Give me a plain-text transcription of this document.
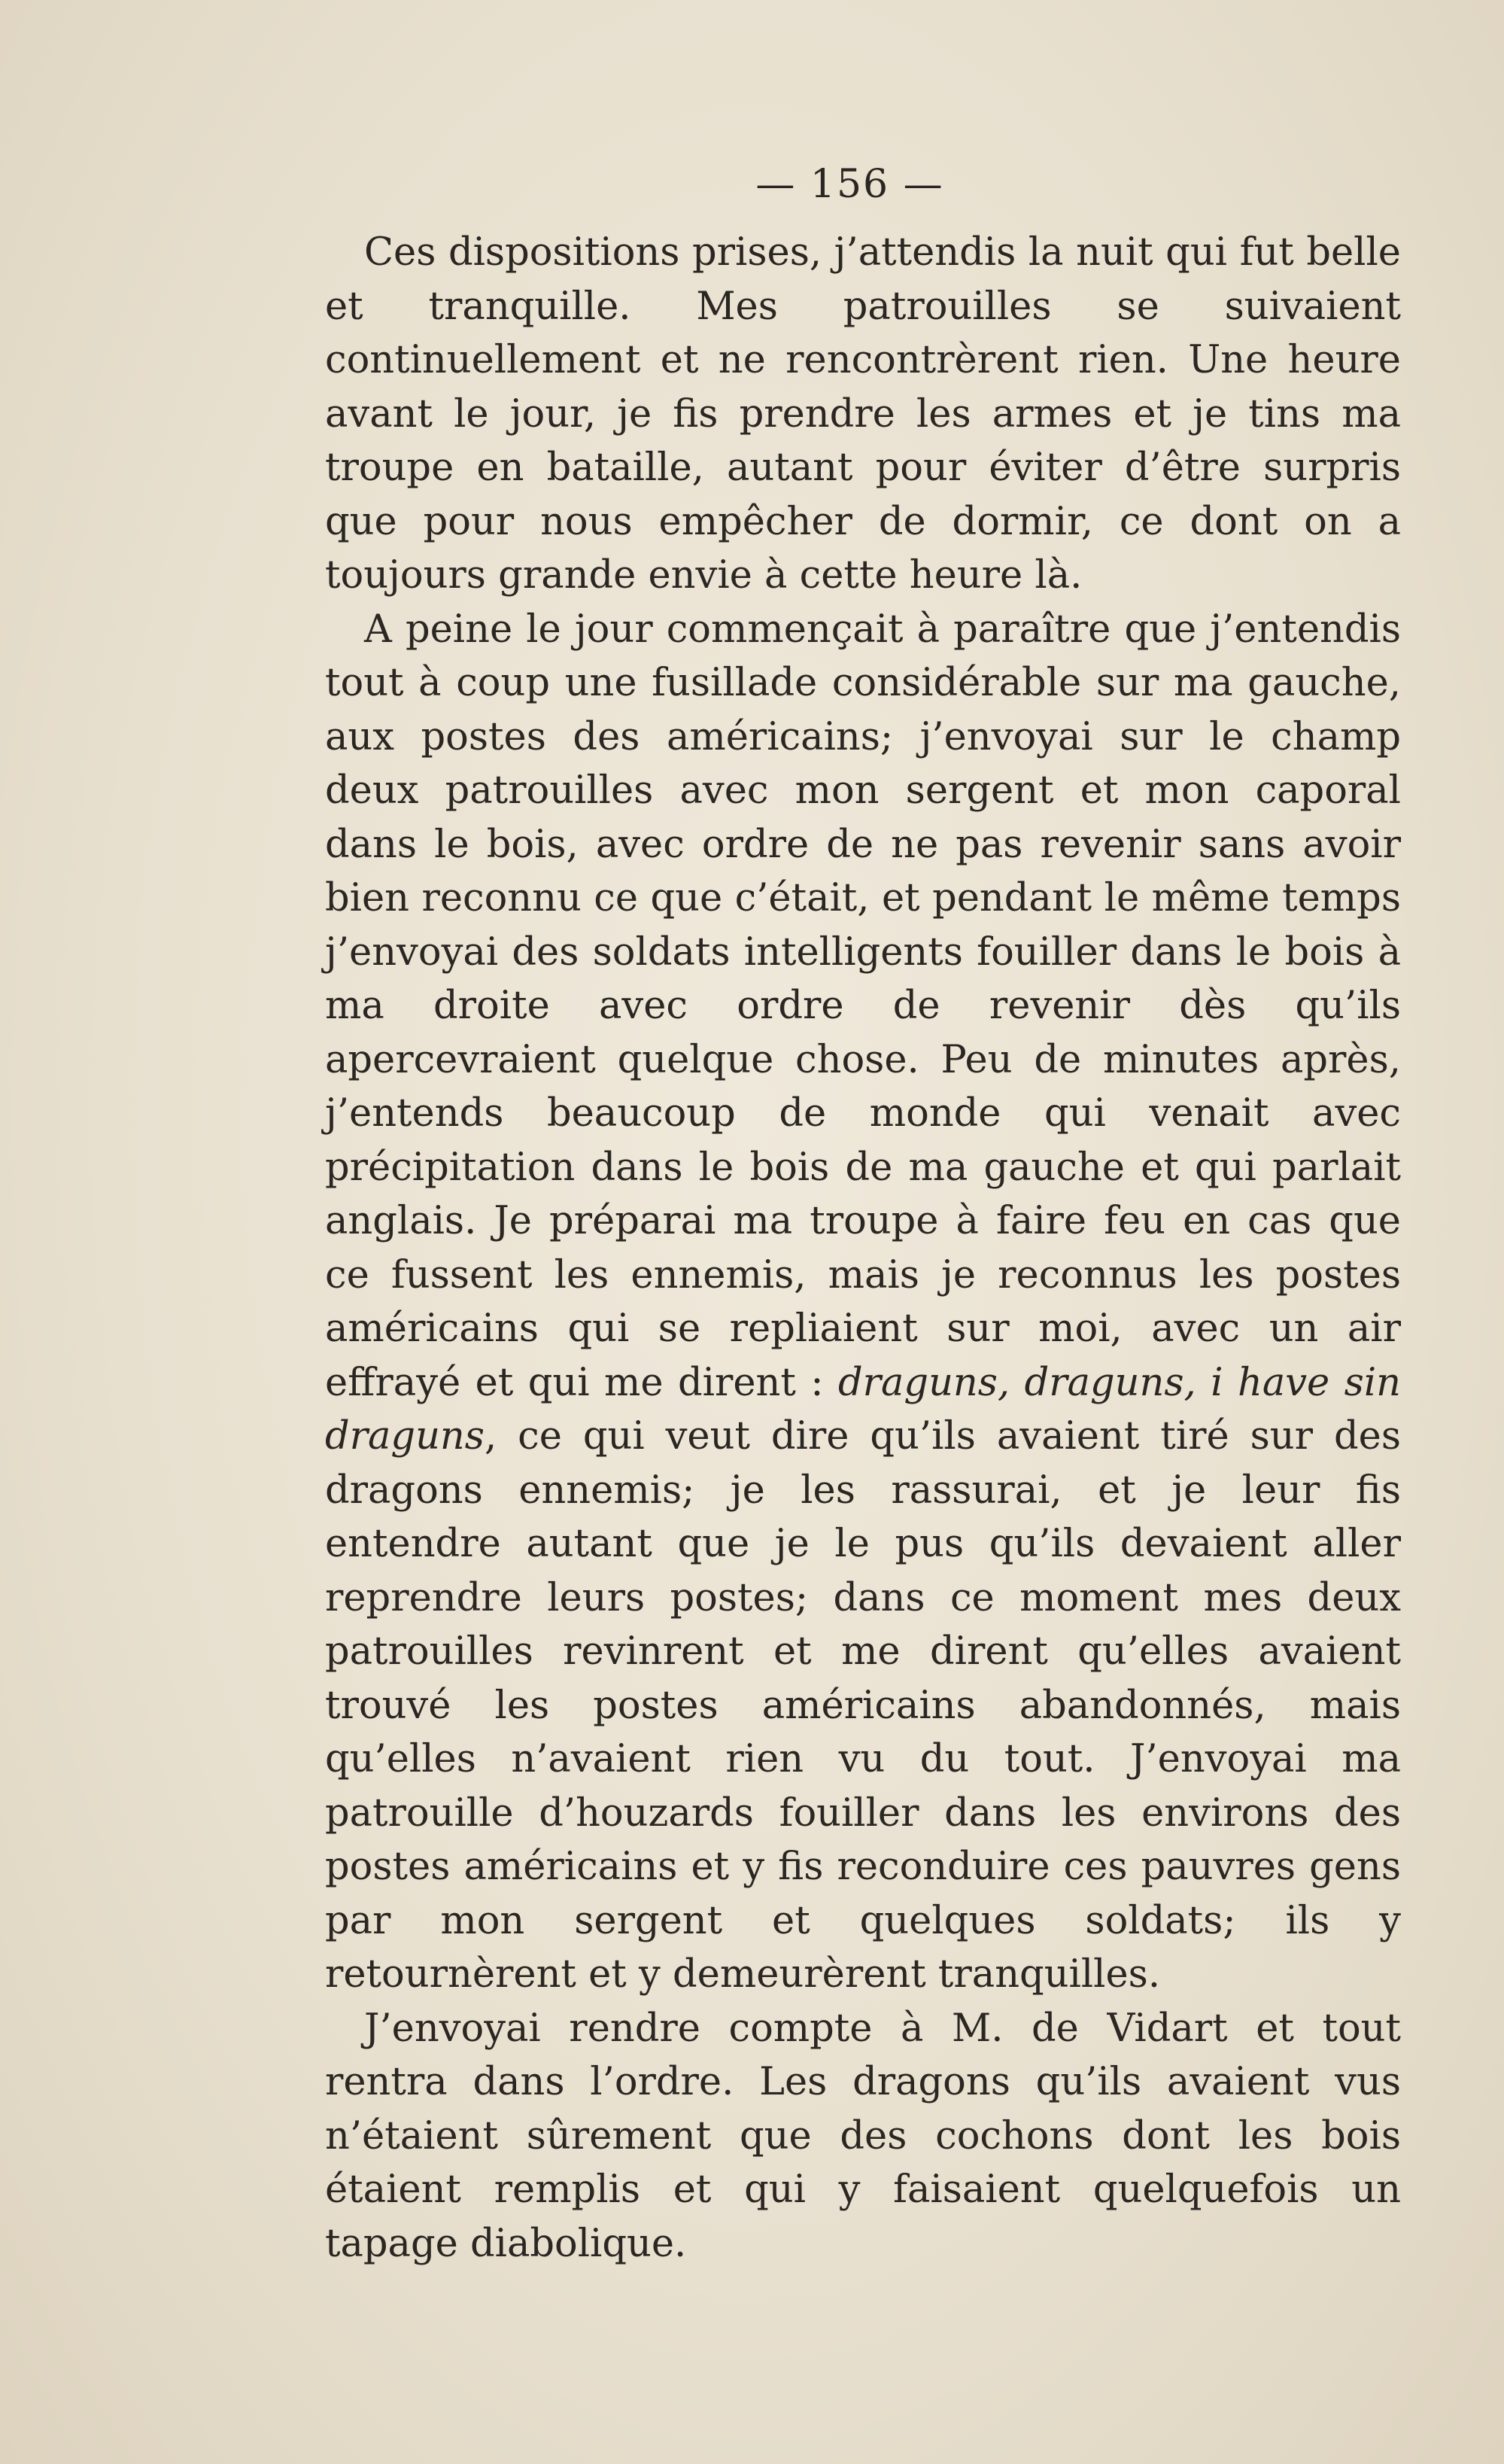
— 156 —

Ces dispositions prises, j’attendis la nuit qui fut belle et tranquille. Mes patrouilles se suivaient continuellement et ne rencontrèrent rien. Une heure avant le jour, je fis prendre les armes et je tins ma troupe en bataille, autant pour éviter d’être surpris que pour nous empêcher de dormir, ce dont on a toujours grande envie à cette heure là.

A peine le jour commençait à paraître que j’entendis tout à coup une fusillade considérable sur ma gauche, aux postes des américains; j’envoyai sur le champ deux patrouilles avec mon sergent et mon caporal dans le bois, avec ordre de ne pas revenir sans avoir bien reconnu ce que c’était, et pendant le même temps j’envoyai des soldats intelligents fouiller dans le bois à ma droite avec ordre de revenir dès qu’ils apercevraient quelque chose. Peu de minutes après, j’entends beaucoup de monde qui venait avec précipitation dans le bois de ma gauche et qui parlait anglais. Je préparai ma troupe à faire feu en cas que ce fussent les ennemis, mais je reconnus les postes américains qui se repliaient sur moi, avec un air effrayé et qui me dirent : draguns, draguns, i have sin draguns, ce qui veut dire qu’ils avaient tiré sur des dragons ennemis; je les rassurai, et je leur fis entendre autant que je le pus qu’ils devaient aller reprendre leurs postes; dans ce moment mes deux patrouilles revinrent et me dirent qu’elles avaient trouvé les postes américains abandonnés, mais qu’elles n’avaient rien vu du tout. J’envoyai ma patrouille d’houzards fouiller dans les environs des postes américains et y fis reconduire ces pauvres gens par mon sergent et quelques soldats; ils y retournèrent et y demeurèrent tranquilles.

J’envoyai rendre compte à M. de Vidart et tout rentra dans l’ordre. Les dragons qu’ils avaient vus n’étaient sûrement que des cochons dont les bois étaient remplis et qui y faisaient quelquefois un tapage diabolique.
